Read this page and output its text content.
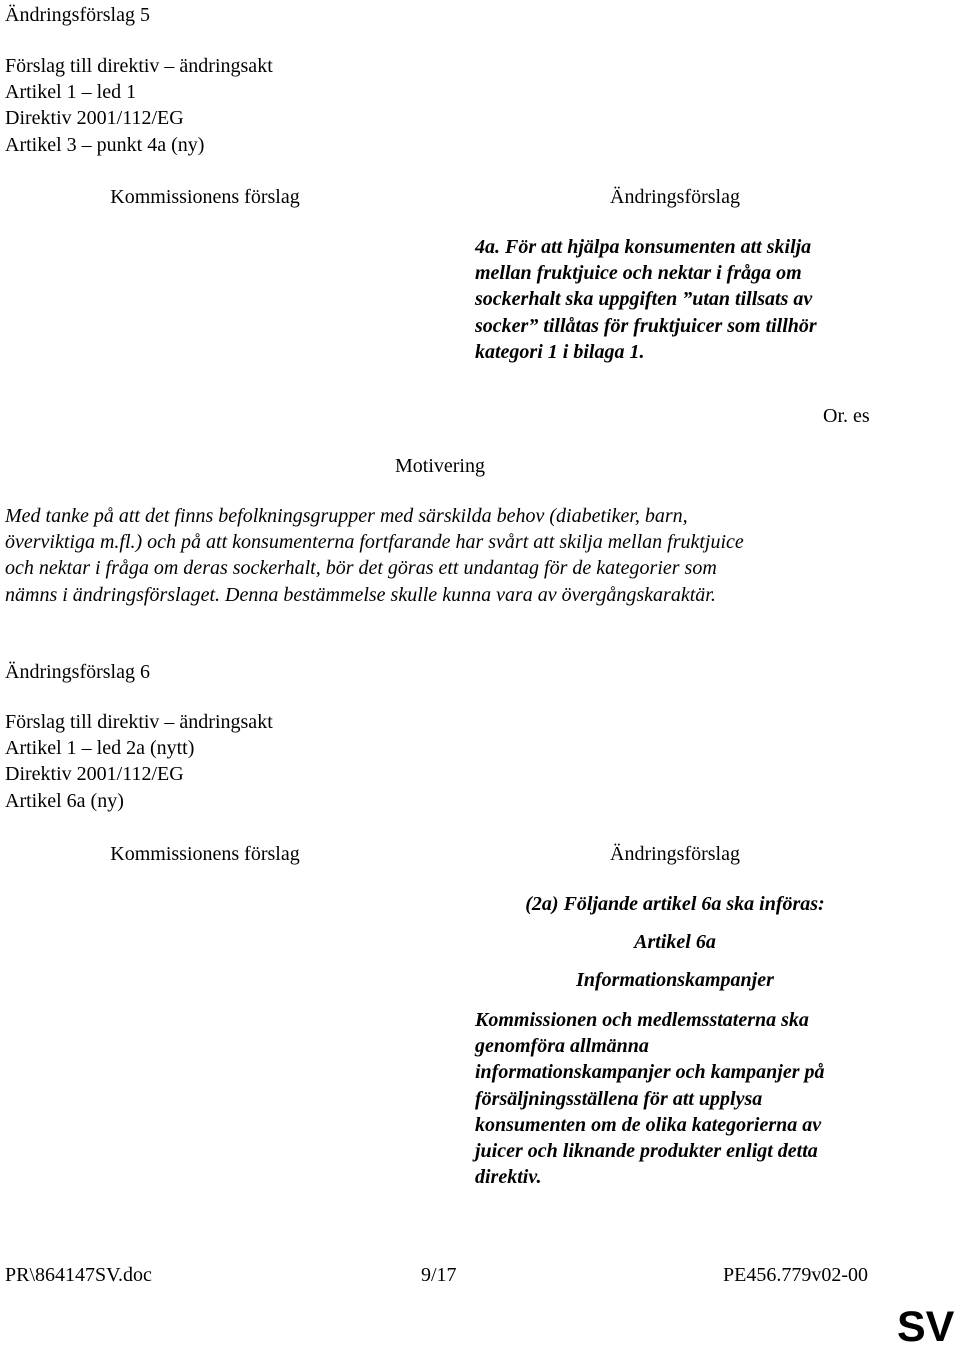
Ändringsförslag 5
Förslag till direktiv – ändringsakt
Artikel 1 – led 1
Direktiv 2001/112/EG
Artikel 3 – punkt 4a (ny)
Kommissionens förslag	Ändringsförslag
4a. För att hjälpa konsumenten att skilja
mellan fruktjuice och nektar i fråga om
sockerhalt ska uppgiften ”utan tillsats av
socker” tillåtas för fruktjuicer som tillhör
kategori 1 i bilaga 1.
Or. es
Motivering
Med tanke på att det finns befolkningsgrupper med särskilda behov (diabetiker, barn,
överviktiga m.fl.) och på att konsumenterna fortfarande har svårt att skilja mellan fruktjuice
och nektar i fråga om deras sockerhalt, bör det göras ett undantag för de kategorier som
nämns i ändringsförslaget. Denna bestämmelse skulle kunna vara av övergångskaraktär.
Ändringsförslag 6
Förslag till direktiv – ändringsakt
Artikel 1 – led 2a (nytt)
Direktiv 2001/112/EG
Artikel 6a (ny)
Kommissionens förslag	Ändringsförslag
(2a) Följande artikel 6a ska införas:
Artikel 6a
Informationskampanjer
Kommissionen och medlemsstaterna ska
genomföra allmänna
informationskampanjer och kampanjer på
försäljningsställena för att upplysa
konsumenten om de olika kategorierna av
juicer och liknande produkter enligt detta
direktiv.
PR\864147SV.doc	9/17	PE456.779v02-00
SV
